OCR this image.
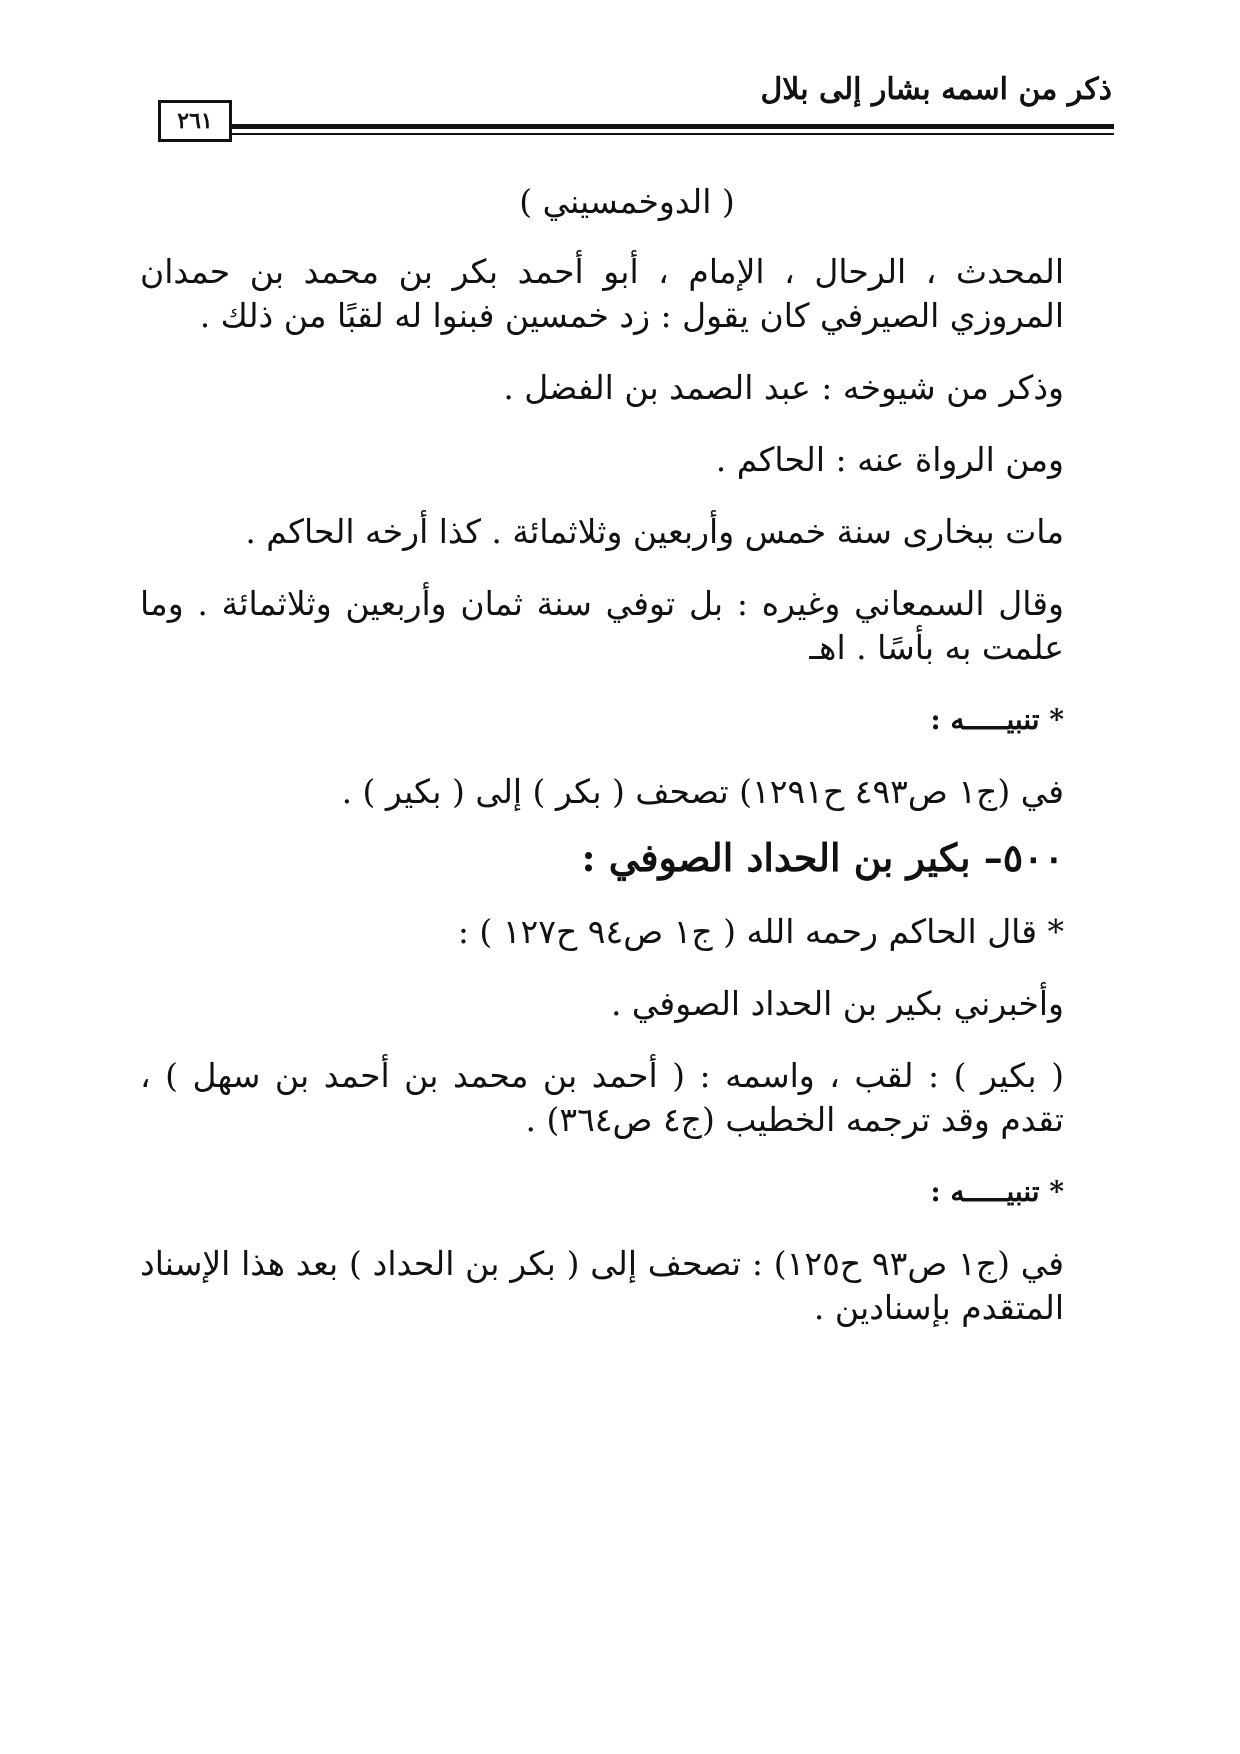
ذكر من اسمه بشار إلى بلال
٢٦١
( الدوخمسيني )
المحدث ، الرحال ، الإمام ، أبو أحمد بكر بن محمد بن حمدان المروزي الصيرفي كان يقول : زد خمسين فبنوا له لقبًا من ذلك .
وذكر من شيوخه : عبد الصمد بن الفضل .
ومن الرواة عنه : الحاكم .
مات ببخارى سنة خمس وأربعين وثلاثمائة . كذا أرخه الحاكم .
وقال السمعاني وغيره : بل توفي سنة ثمان وأربعين وثلاثمائة . وما علمت به بأسًا . اهـ
* تنبيـــــه :
في (ج١ ص٤٩٣ ح١٢٩١) تصحف ( بكر ) إلى ( بكير ) .
٥٠٠– بكير بن الحداد الصوفي :
* قال الحاكم رحمه الله ( ج١ ص٩٤ ح١٢٧ ) :
وأخبرني بكير بن الحداد الصوفي .
( بكير ) : لقب ، واسمه : ( أحمد بن محمد بن أحمد بن سهل ) ، تقدم وقد ترجمه الخطيب (ج٤ ص٣٦٤) .
* تنبيـــــه :
في (ج١ ص٩٣ ح١٢٥) : تصحف إلى ( بكر بن الحداد ) بعد هذا الإسناد المتقدم بإسنادين .
